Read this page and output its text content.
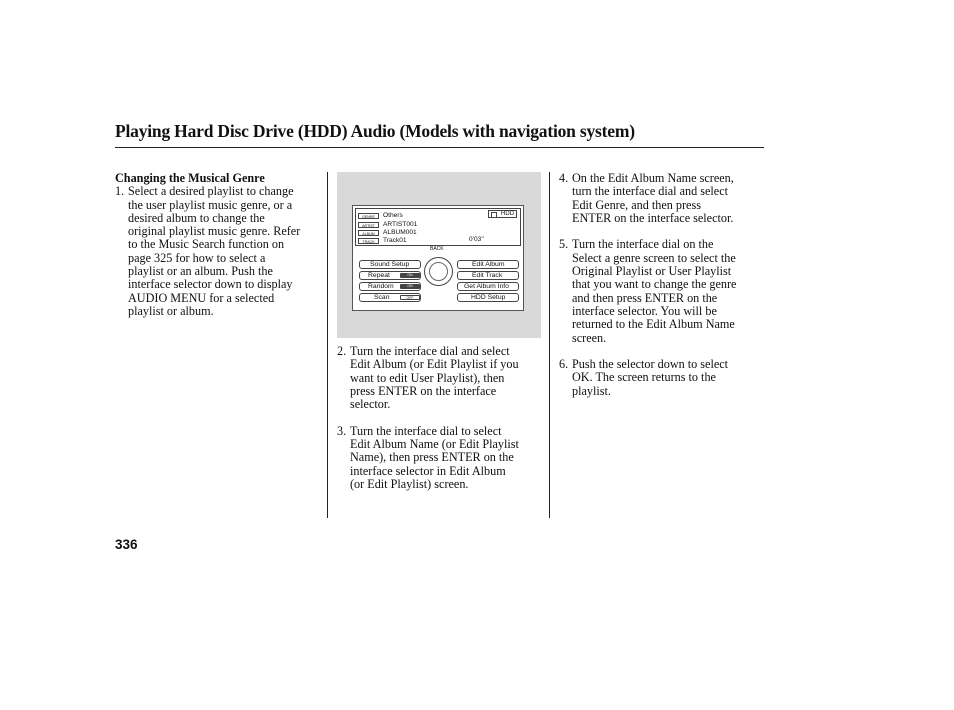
Playing Hard Disc Drive (HDD) Audio (Models with navigation system)
Changing the Musical Genre
1. Select a desired playlist to change
the user playlist music genre, or a
desired album to change the
original playlist music genre. Refer
to the Music Search function on
page 325 for how to select a
playlist or an album. Push the
interface selector down to display
AUDIO MENU for a selected
playlist or album.
GENRE	Others
ARTIST	ARTIST001
ALBUM	ALBUM001
TRACK	Track01
HDD
0’03’’
BACK
Sound Setup
Repeat	ON
Random	ON
Scan	OFF
Edit Album
Edit Track
Get Album Info
HDD Setup
2. Turn the interface dial and select
Edit Album (or Edit Playlist if you
want to edit User Playlist), then
press ENTER on the interface
selector.
3. Turn the interface dial to select
Edit Album Name (or Edit Playlist
Name), then press ENTER on the
interface selector in Edit Album
(or Edit Playlist) screen.
4. On the Edit Album Name screen,
turn the interface dial and select
Edit Genre, and then press
ENTER on the interface selector.
5. Turn the interface dial on the
Select a genre screen to select the
Original Playlist or User Playlist
that you want to change the genre
and then press ENTER on the
interface selector. You will be
returned to the Edit Album Name
screen.
6. Push the selector down to select
OK. The screen returns to the
playlist.
336
